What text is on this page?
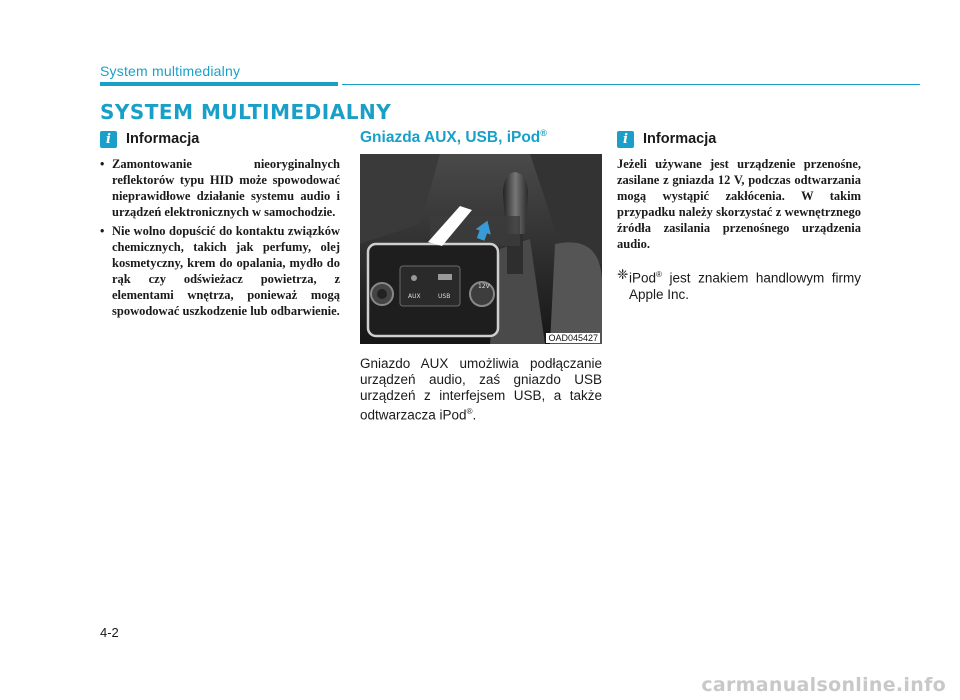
System multimedialny
SYSTEM MULTIMEDIALNY
i	Informacja
• Zamontowanie nieoryginalnych reflektorów typu HID może spowodować nieprawidłowe działanie systemu audio i urządzeń elektronicznych w samochodzie.
• Nie wolno dopuścić do kontaktu związków chemicznych, takich jak perfumy, olej kosmetyczny, krem do opalania, mydło do rąk czy odświeżacz powietrza, z elementami wnętrza, ponieważ mogą spowodować uszkodzenie lub odbarwienie.
Gniazda AUX, USB, iPod®
AUX	USB
12V
OAD045427
Gniazdo AUX umożliwia podłączanie urządzeń audio, zaś gniazdo USB urządzeń z interfejsem USB, a także odtwarzacza iPod®.
i	Informacja

Jeżeli używane jest urządzenie przenośne, zasilane z gniazda 12 V, podczas odtwarzania mogą wystąpić zakłócenia. W takim przypadku należy skorzystać z wewnętrznego źródła zasilania przenośnego urządzenia audio.

❈ iPod® jest znakiem handlowym firmy Apple Inc.
4-2
carmanualsonline.info
